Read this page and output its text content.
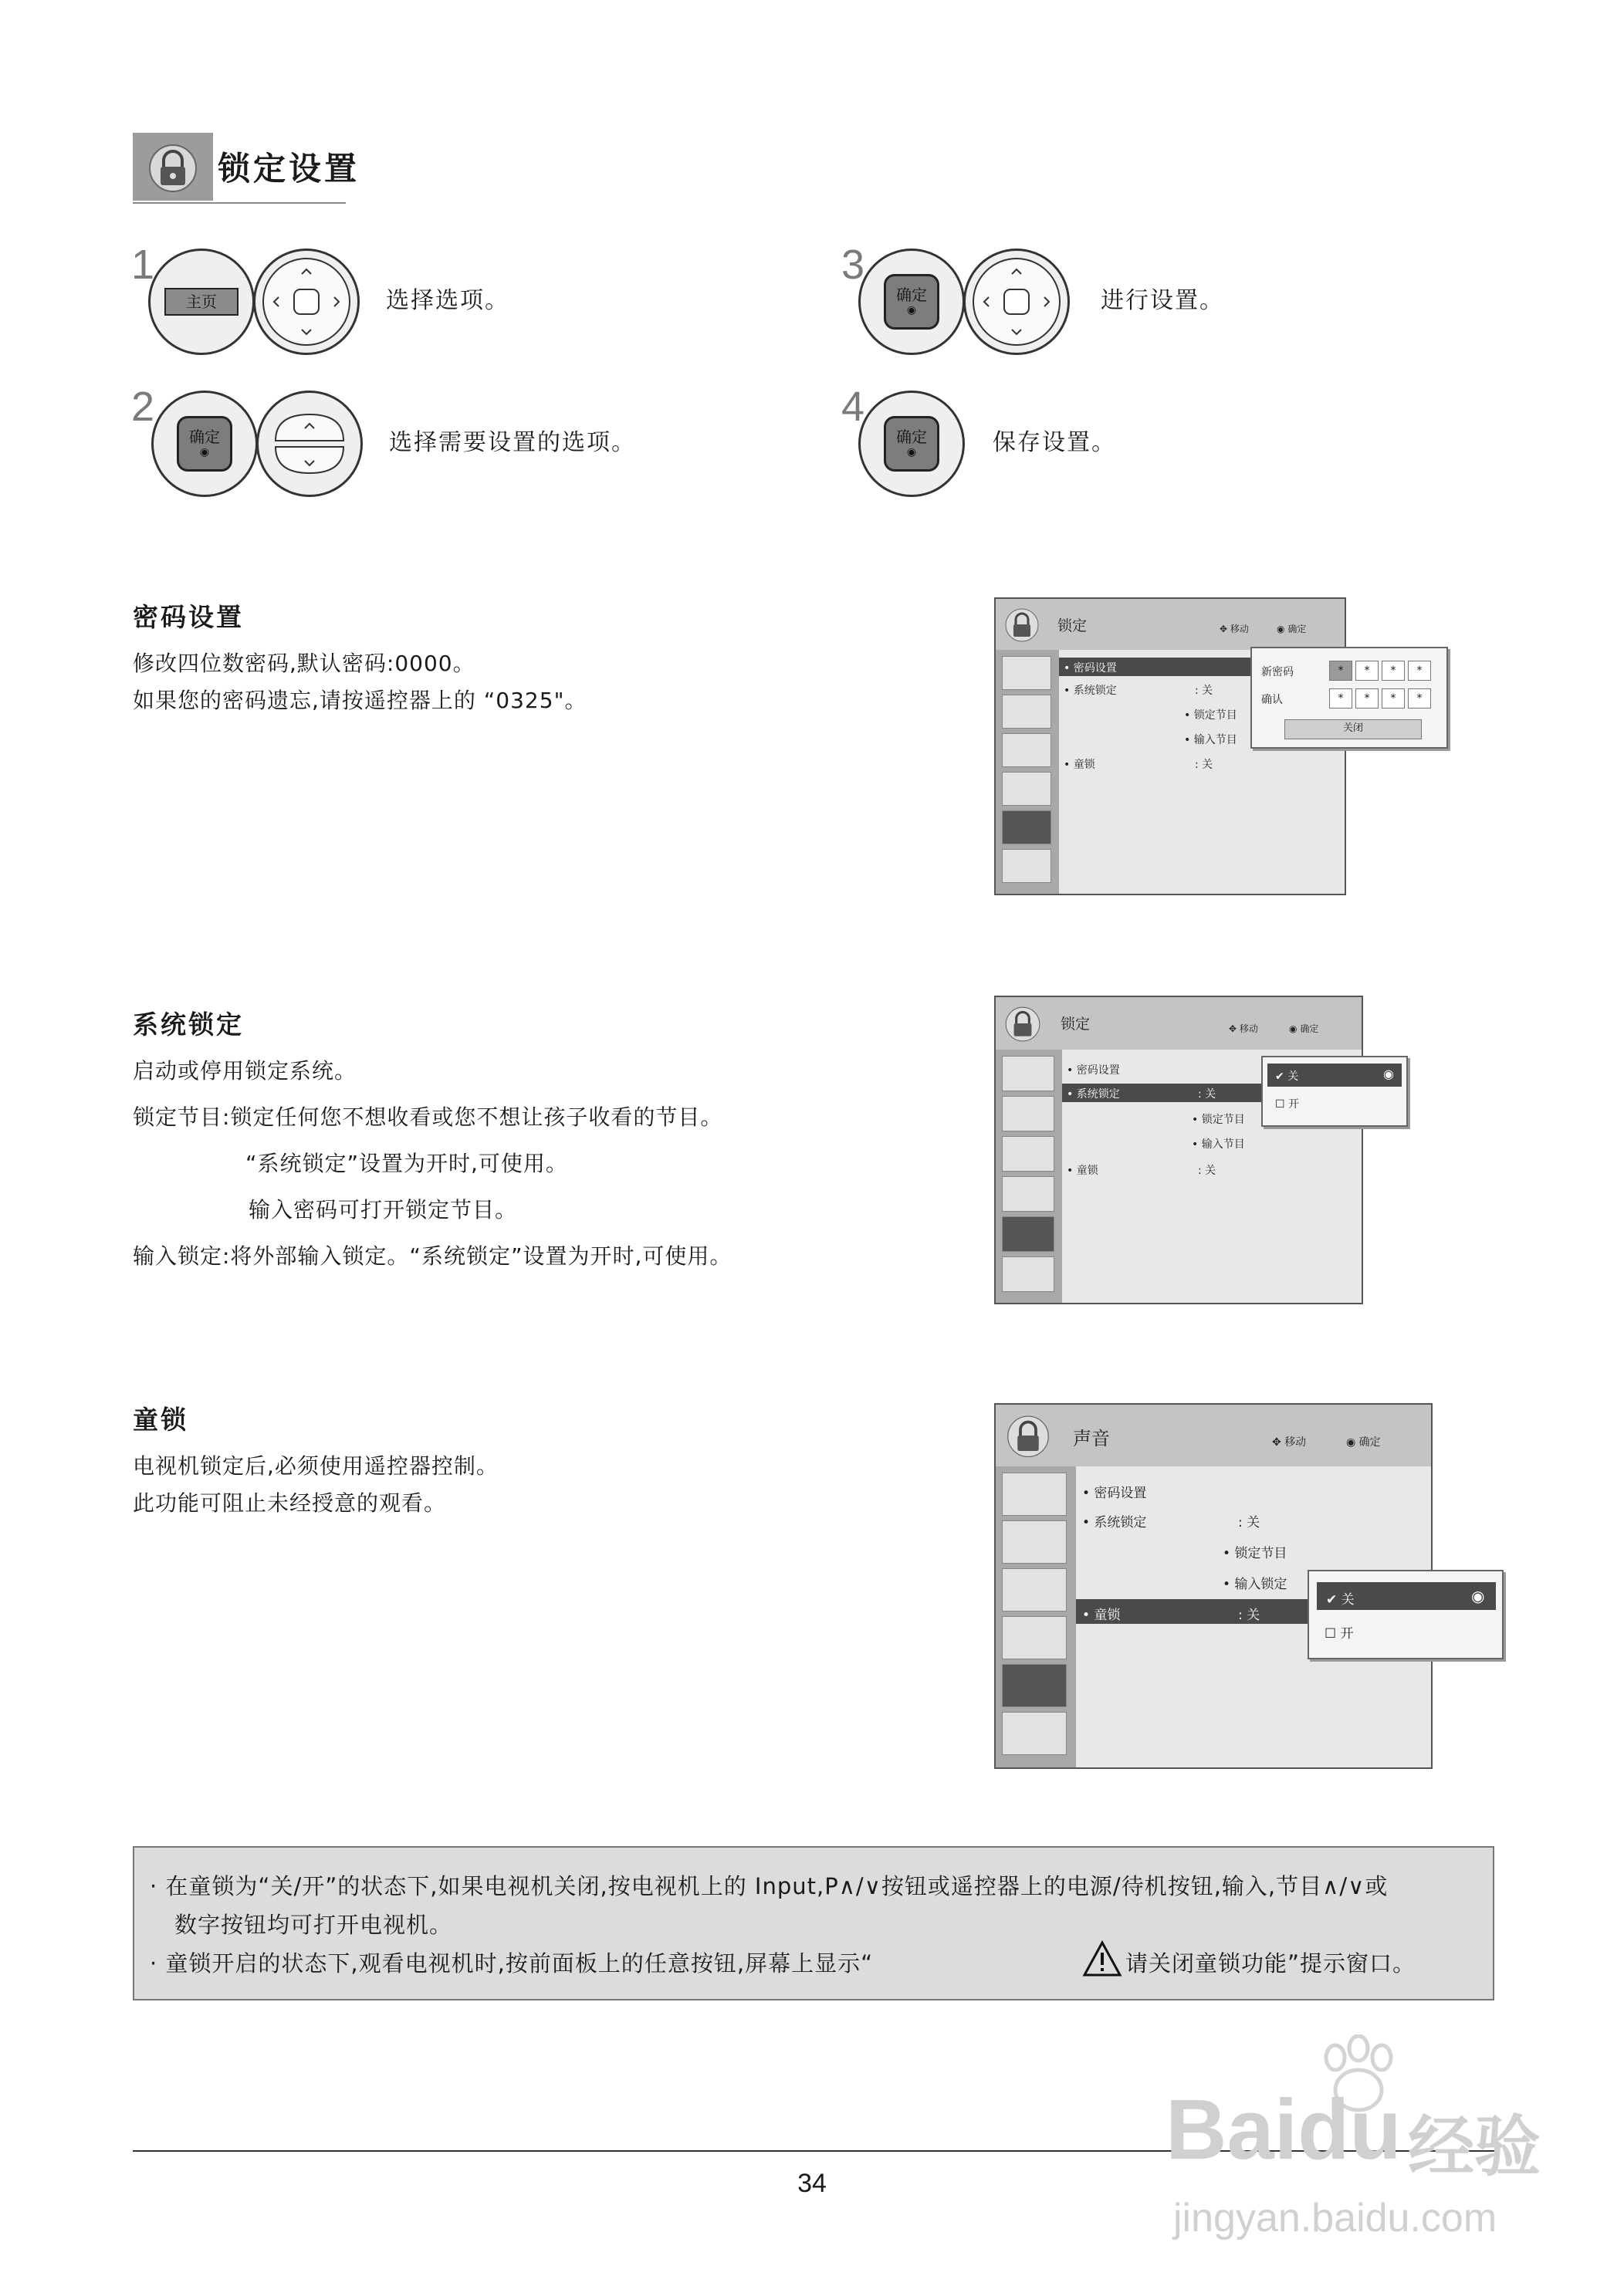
锁定设置
1
主页	选择选项。
2
确定
◉	选择需要设置的选项。
3
确定
◉	进行设置。
4
确定
◉	保存设置。
密码设置
修改四位数密码,默认密码:0000。
如果您的密码遗忘,请按遥控器上的 “0325"。
锁定	✥ 移动	◉ 确定
• 密码设置
• 系统锁定	: 关
• 锁定节目
• 输入节目
• 童锁	: 关
新密码
确认
*	*	*	*
*	*	*	*
关闭
系统锁定
启动或停用锁定系统。
锁定节目:锁定任何您不想收看或您不想让孩子收看的节目。
“系统锁定”设置为开时,可使用。
输入密码可打开锁定节目。
输入锁定:将外部输入锁定。“系统锁定”设置为开时,可使用。
锁定	✥ 移动	◉ 确定
• 密码设置
• 系统锁定	: 关
• 锁定节目
• 输入节目
• 童锁	: 关
✔ 关	◉
☐ 开
童锁
电视机锁定后,必须使用遥控器控制。
此功能可阻止未经授意的观看。
声音	✥ 移动	◉ 确定
• 密码设置
• 系统锁定	: 关
• 锁定节目
• 输入锁定
• 童锁	: 关
✔ 关	◉
☐ 开
· 在童锁为“关/开”的状态下,如果电视机关闭,按电视机上的 Input,P∧/∨按钮或遥控器上的电源/待机按钮,输入,节目∧/∨或
数字按钮均可打开电视机。
· 童锁开启的状态下,观看电视机时,按前面板上的任意按钮,屏幕上显示“	请关闭童锁功能”提示窗口。
34
Baidu 经验
jingyan.baidu.com
